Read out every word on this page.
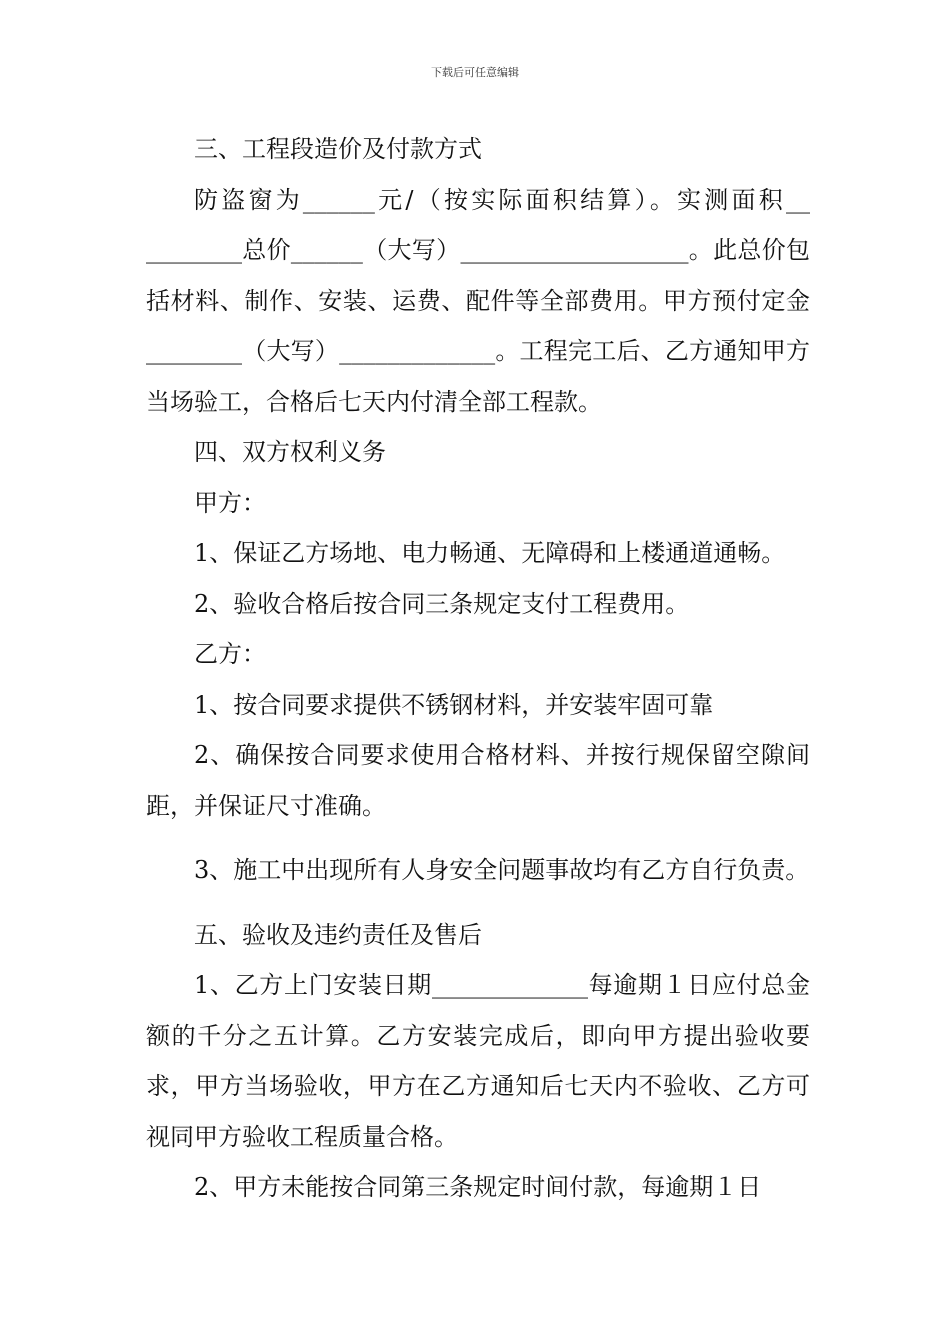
下载后可任意编辑

三、工程段造价及付款方式

防盗窗为______元/（按实际面积结算）。实测面积__ ________总价______（大写）___________________。此总价包括材料、制作、安装、运费、配件等全部费用。甲方预付定金________（大写）_____________。工程完工后、乙方通知甲方当场验工，合格后七天内付清全部工程款。

四、双方权利义务

甲方：

1、保证乙方场地、电力畅通、无障碍和上楼通道通畅。

2、验收合格后按合同三条规定支付工程费用。

乙方：

1、按合同要求提供不锈钢材料，并安装牢固可靠

2、确保按合同要求使用合格材料、并按行规保留空隙间距，并保证尺寸准确。

3、施工中出现所有人身安全问题事故均有乙方自行负责。

五、验收及违约责任及售后

1、乙方上门安装日期_____________每逾期１日应付总金额的千分之五计算。乙方安装完成后，即向甲方提出验收要求，甲方当场验收，甲方在乙方通知后七天内不验收、乙方可视同甲方验收工程质量合格。

2、甲方未能按合同第三条规定时间付款，每逾期１日
